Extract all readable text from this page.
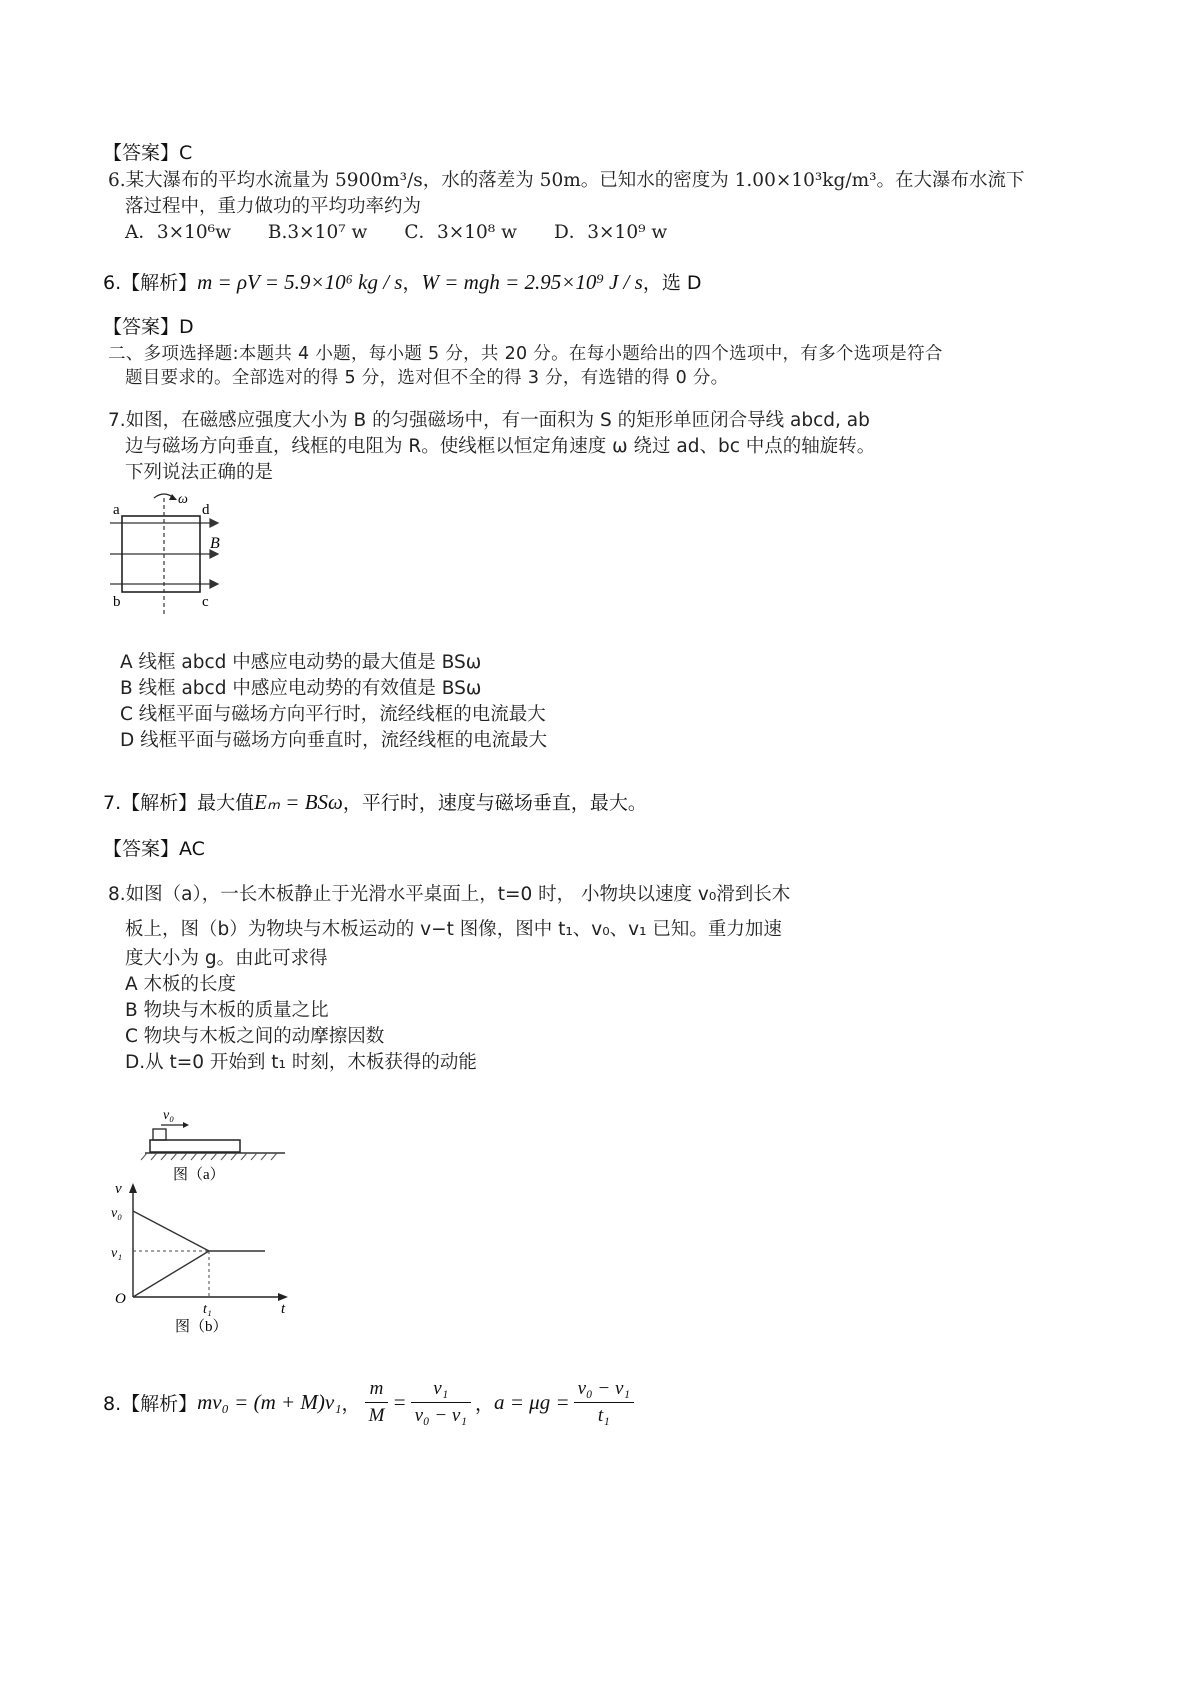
【答案】C
6.某大瀑布的平均水流量为 5900m³/s，水的落差为 50m。已知水的密度为 1.00×10³kg/m³。在大瀑布水流下
落过程中，重力做功的平均功率约为
A．3×10⁶w　　B.3×10⁷ w　　C．3×10⁸ w　　D．3×10⁹ w
6.【解析】m = ρV = 5.9×10⁶ kg / s，W = mgh = 2.95×10⁹ J / s，选 D
【答案】D
二、多项选择题:本题共 4 小题，每小题 5 分，共 20 分。在每小题给出的四个选项中，有多个选项是符合
题目要求的。全部选对的得 5 分，选对但不全的得 3 分，有选错的得 0 分。
7.如图，在磁感应强度大小为 B 的匀强磁场中，有一面积为 S 的矩形单匝闭合导线 abcd, ab
边与磁场方向垂直，线框的电阻为 R。使线框以恒定角速度 ω 绕过 ad、bc 中点的轴旋转。
下列说法正确的是
ω
a	d
b	c
B
A 线框 abcd 中感应电动势的最大值是 BSω
B 线框 abcd 中感应电动势的有效值是 BSω
C 线框平面与磁场方向平行时，流经线框的电流最大
D 线框平面与磁场方向垂直时，流经线框的电流最大
7.【解析】最大值Eₘ = BSω，平行时，速度与磁场垂直，最大。
【答案】AC
8.如图（a），一长木板静止于光滑水平桌面上，t=0 时， 小物块以速度 v₀滑到长木
板上，图（b）为物块与木板运动的 v−t 图像，图中 t₁、v₀、v₁ 已知。重力加速
度大小为 g。由此可求得
A 木板的长度
B 物块与木板的质量之比
C 物块与木板之间的动摩擦因数
D.从 t=0 开始到 t₁ 时刻，木板获得的动能
v₀
图（a）
v
v₀
v₁
O
t₁	t
图（b）
8.【解析】 mv₀ = (m + M)v₁ ， $\frac{m}{M} = \frac{\text{v₁}}{\text{v₀ − v₁}}$ ， $a = \mu g = \frac{\text{v₀ − v₁}}{\text{t₁}}$
